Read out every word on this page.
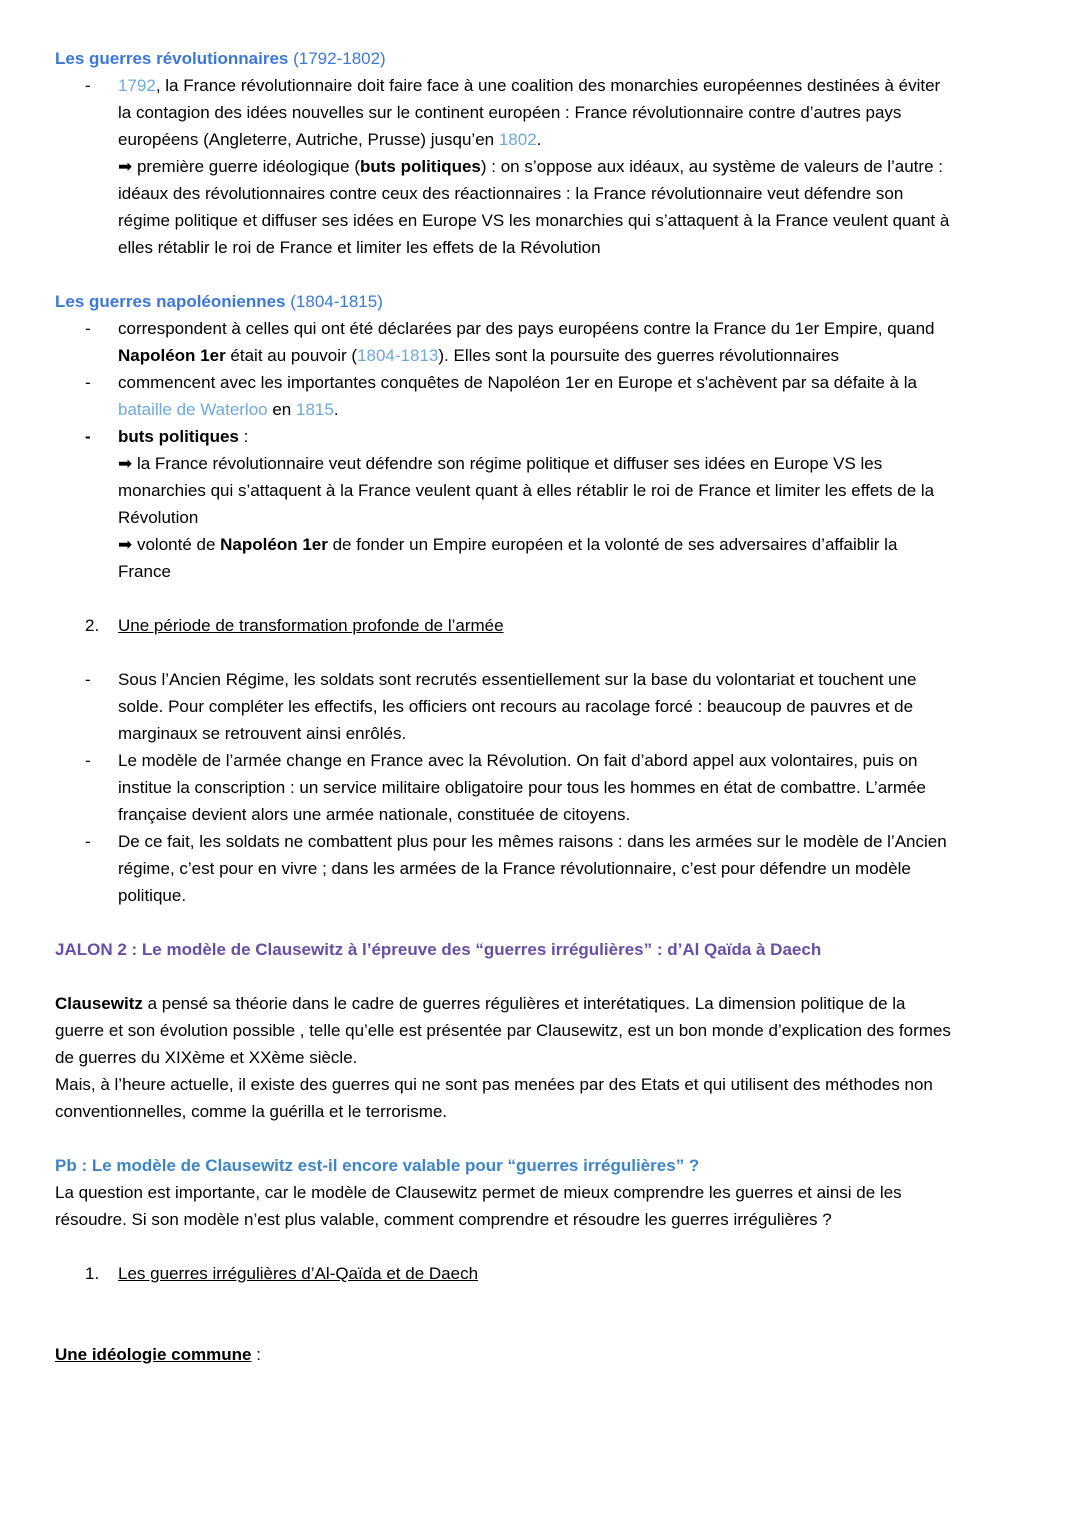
Les guerres révolutionnaires (1792-1802)
- 1792, la France révolutionnaire doit faire face à une coalition des monarchies européennes destinées à éviter la contagion des idées nouvelles sur le continent européen : France révolutionnaire contre d’autres pays européens (Angleterre, Autriche, Prusse) jusqu’en 1802.
➡ première guerre idéologique (buts politiques) : on s’oppose aux idéaux, au système de valeurs de l’autre : idéaux des révolutionnaires contre ceux des réactionnaires : la France révolutionnaire veut défendre son régime politique et diffuser ses idées en Europe VS les monarchies qui s’attaquent à la France veulent quant à elles rétablir le roi de France et limiter les effets de la Révolution

Les guerres napoléoniennes (1804-1815)
- correspondent à celles qui ont été déclarées par des pays européens contre la France du 1er Empire, quand Napoléon 1er était au pouvoir (1804-1813). Elles sont la poursuite des guerres révolutionnaires
- commencent avec les importantes conquêtes de Napoléon 1er en Europe et s'achèvent par sa défaite à la bataille de Waterloo en 1815.
- buts politiques :
➡ la France révolutionnaire veut défendre son régime politique et diffuser ses idées en Europe VS les monarchies qui s’attaquent à la France veulent quant à elles rétablir le roi de France et limiter les effets de la Révolution
➡ volonté de Napoléon 1er de fonder un Empire européen et la volonté de ses adversaires d’affaiblir la France

2. Une période de transformation profonde de l’armée

- Sous l’Ancien Régime, les soldats sont recrutés essentiellement sur la base du volontariat et touchent une solde. Pour compléter les effectifs, les officiers ont recours au racolage forcé : beaucoup de pauvres et de marginaux se retrouvent ainsi enrôlés.
- Le modèle de l’armée change en France avec la Révolution. On fait d’abord appel aux volontaires, puis on institue la conscription : un service militaire obligatoire pour tous les hommes en état de combattre. L’armée française devient alors une armée nationale, constituée de citoyens.
- De ce fait, les soldats ne combattent plus pour les mêmes raisons : dans les armées sur le modèle de l’Ancien régime, c’est pour en vivre ; dans les armées de la France révolutionnaire, c’est pour défendre un modèle politique.

JALON 2 : Le modèle de Clausewitz à l’épreuve des “guerres irrégulières” : d’Al Qaïda à Daech

Clausewitz a pensé sa théorie dans le cadre de guerres régulières et interétatiques. La dimension politique de la guerre et son évolution possible , telle qu’elle est présentée par Clausewitz, est un bon monde d’explication des formes de guerres du XIXème et XXème siècle.
Mais, à l’heure actuelle, il existe des guerres qui ne sont pas menées par des Etats et qui utilisent des méthodes non conventionnelles, comme la guérilla et le terrorisme.

Pb : Le modèle de Clausewitz est-il encore valable pour “guerres irrégulières” ?
La question est importante, car le modèle de Clausewitz permet de mieux comprendre les guerres et ainsi de les résoudre. Si son modèle n’est plus valable, comment comprendre et résoudre les guerres irrégulières ?

1. Les guerres irrégulières d’Al-Qaïda et de Daech

Une idéologie commune :
